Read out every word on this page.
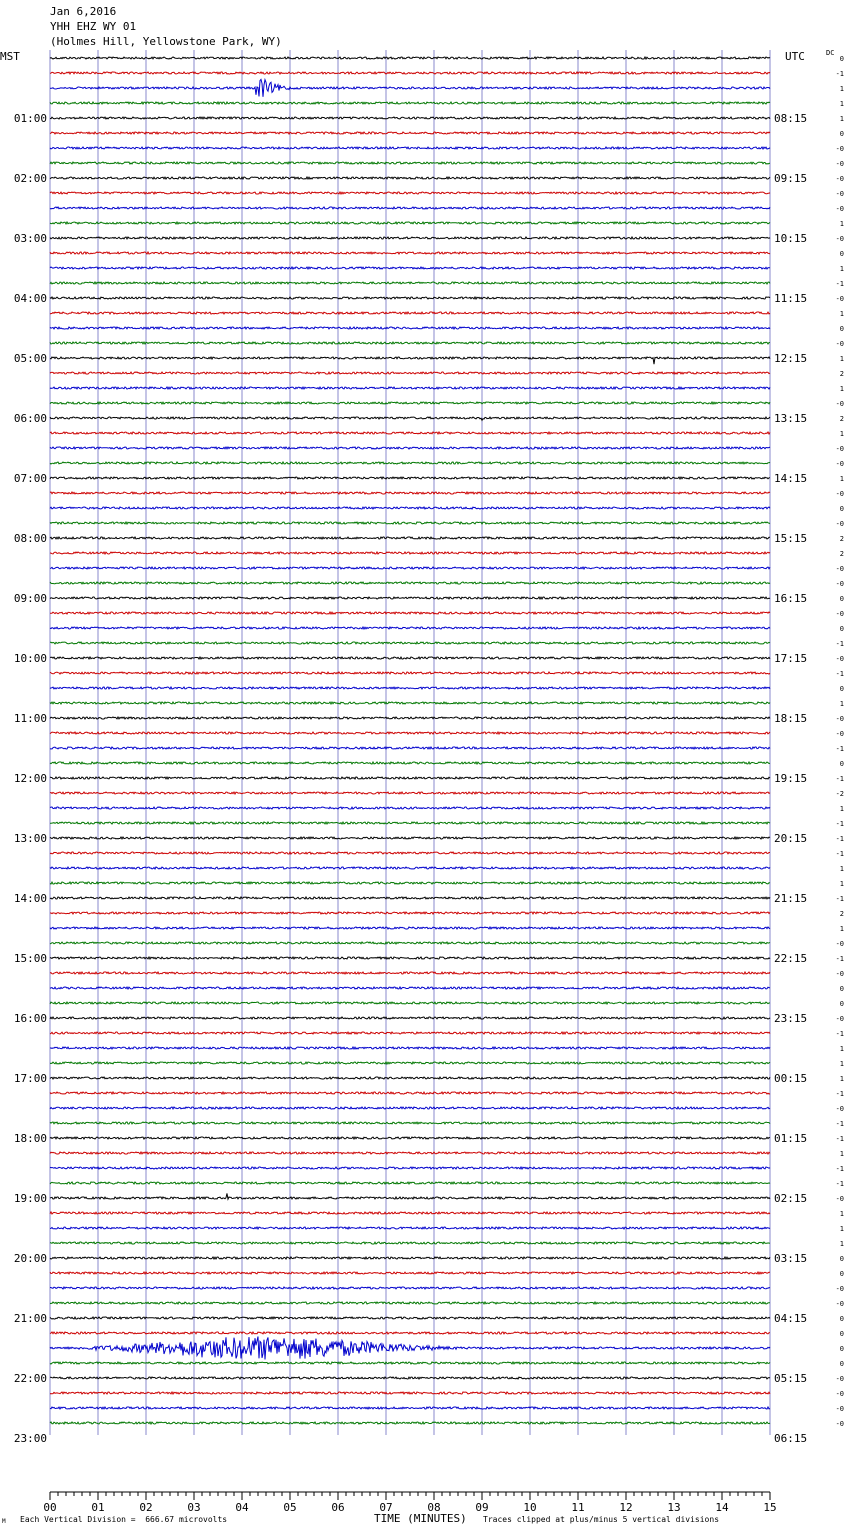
Jan 6,2016
YHH EHZ WY 01
(Holmes Hill, Yellowstone Park, WY)
MST	UTC	DC
01:00
02:00
03:00
04:00
05:00
06:00
07:00
08:00
09:00
10:00
11:00
12:00
13:00
14:00
15:00
16:00
17:00
18:00
19:00
20:00
21:00
22:00
23:00
08:15
09:15
10:15
11:15
12:15
13:15
14:15
15:15
16:15
17:15
18:15
19:15
20:15
21:15
22:15
23:15
00:15
01:15
02:15
03:15
04:15
05:15
06:15
0
-1
1
1
1
0
-0
-0
-0
-0
-0
1
-0
0
1
-1
-0
1
0
-0
1
2
1
-0
2
1
-0
-0
1
-0
0
-0
2
2
-0
-0
0
-0
0
-1
-0
-1
0
1
-0
-0
-1
0
-1
-2
1
-1
-1
-1
1
1
-1
2
1
-0
-1
-0
0
0
-0
-1
1
1
1
-1
-0
-1
-1
1
-1
-1
-0
1
1
1
0
0
-0
-0
0
0
0
0
-0
-0
-0
-0
00	01	02	03	04	05	06	07	08	09	10	11	12	13	14	15
M Each Vertical Division =  666.67 microvolts	TIME (MINUTES) Traces clipped at plus/minus 5 vertical divisions
